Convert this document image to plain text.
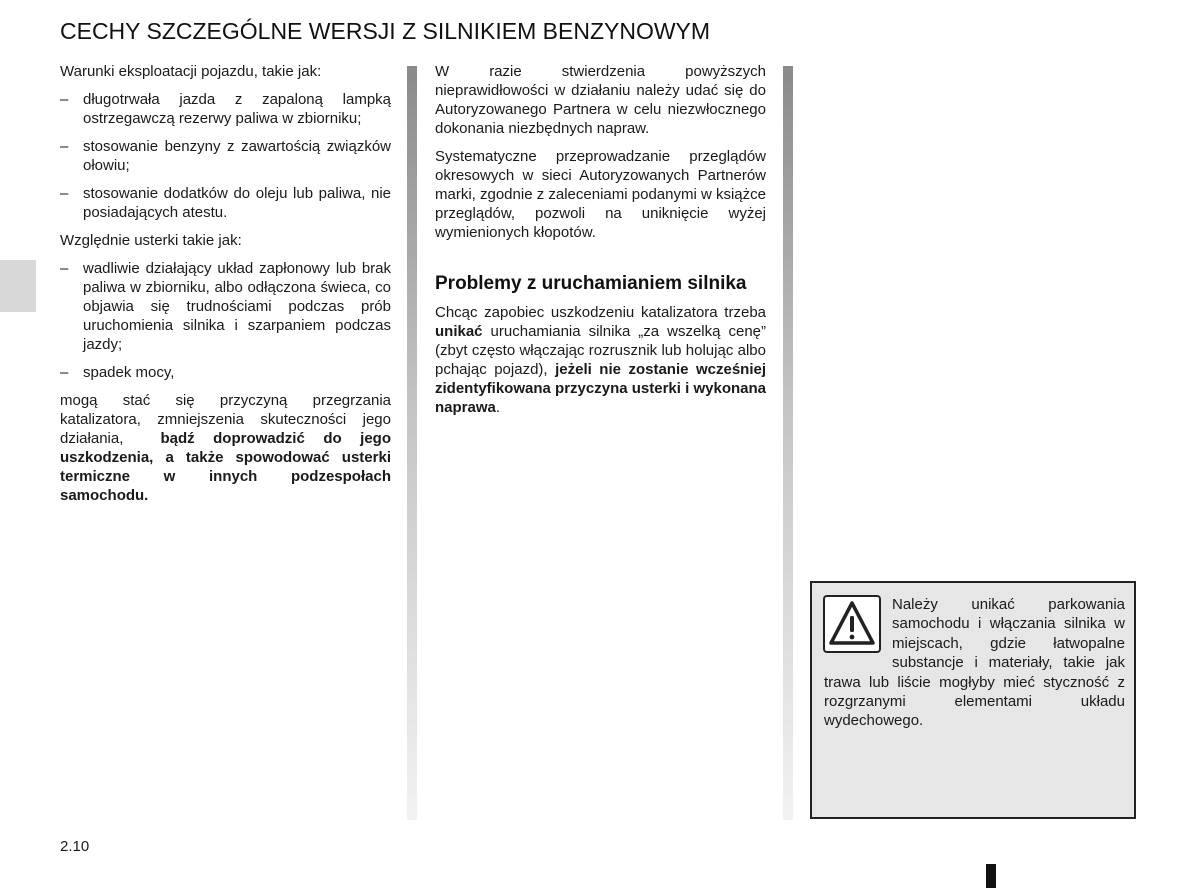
CECHY SZCZEGÓLNE WERSJI Z SILNIKIEM BENZYNOWYM

Warunki eksploatacji pojazdu, takie jak:

– długotrwała jazda z zapaloną lampką ostrzegawczą rezerwy paliwa w zbiorniku;
– stosowanie benzyny z zawartością związków ołowiu;
– stosowanie dodatków do oleju lub paliwa, nie posiadających atestu.

Względnie usterki takie jak:

– wadliwie działający układ zapłonowy lub brak paliwa w zbiorniku, albo odłączona świeca, co objawia się trudnościami podczas prób uruchomienia silnika i szarpaniem podczas jazdy;
– spadek mocy,

mogą stać się przyczyną przegrzania katalizatora, zmniejszenia skuteczności jego działania, bądź doprowadzić do jego uszkodzenia, a także spowodować usterki termiczne w innych podzespołach samochodu.

W razie stwierdzenia powyższych nieprawidłowości w działaniu należy udać się do Autoryzowanego Partnera w celu niezwłocznego dokonania niezbędnych napraw.

Systematyczne przeprowadzanie przeglądów okresowych w sieci Autoryzowanych Partnerów marki, zgodnie z zaleceniami podanymi w książce przeglądów, pozwoli na uniknięcie wyżej wymienionych kłopotów.

Problemy z uruchamianiem silnika

Chcąc zapobiec uszkodzeniu katalizatora trzeba unikać uruchamiania silnika „za wszelką cenę” (zbyt często włączając rozrusznik lub holując albo pchając pojazd), jeżeli nie zostanie wcześniej zidentyfikowana przyczyna usterki i wykonana naprawa.

Należy unikać parkowania samochodu i włączania silnika w miejscach, gdzie łatwopalne substancje i materiały, takie jak trawa lub liście mogłyby mieć styczność z rozgrzanymi elementami układu wydechowego.

2.10
